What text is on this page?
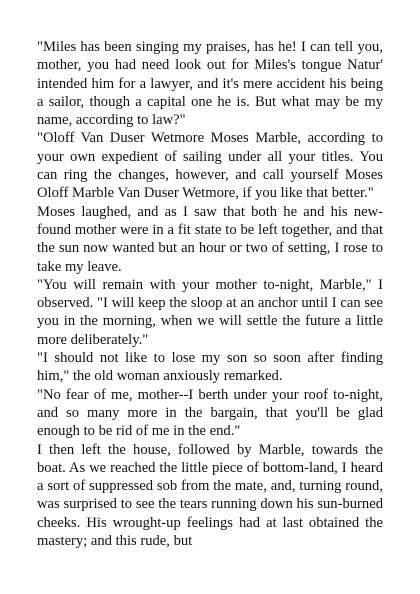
"Miles has been singing my praises, has he! I can tell you, mother, you had need look out for Miles's tongue Natur' intended him for a lawyer, and it's mere accident his being a sailor, though a capital one he is. But what may be my name, according to law?"

"Oloff Van Duser Wetmore Moses Marble, according to your own expedient of sailing under all your titles. You can ring the changes, however, and call yourself Moses Oloff Marble Van Duser Wetmore, if you like that better."

Moses laughed, and as I saw that both he and his new-found mother were in a fit state to be left together, and that the sun now wanted but an hour or two of setting, I rose to take my leave.

"You will remain with your mother to-night, Marble," I observed. "I will keep the sloop at an anchor until I can see you in the morning, when we will settle the future a little more deliberately."

"I should not like to lose my son so soon after finding him," the old woman anxiously remarked.

"No fear of me, mother--I berth under your roof to-night, and so many more in the bargain, that you'll be glad enough to be rid of me in the end."

I then left the house, followed by Marble, towards the boat. As we reached the little piece of bottom-land, I heard a sort of suppressed sob from the mate, and, turning round, was surprised to see the tears running down his sun-burned cheeks. His wrought-up feelings had at last obtained the mastery; and this rude, but
